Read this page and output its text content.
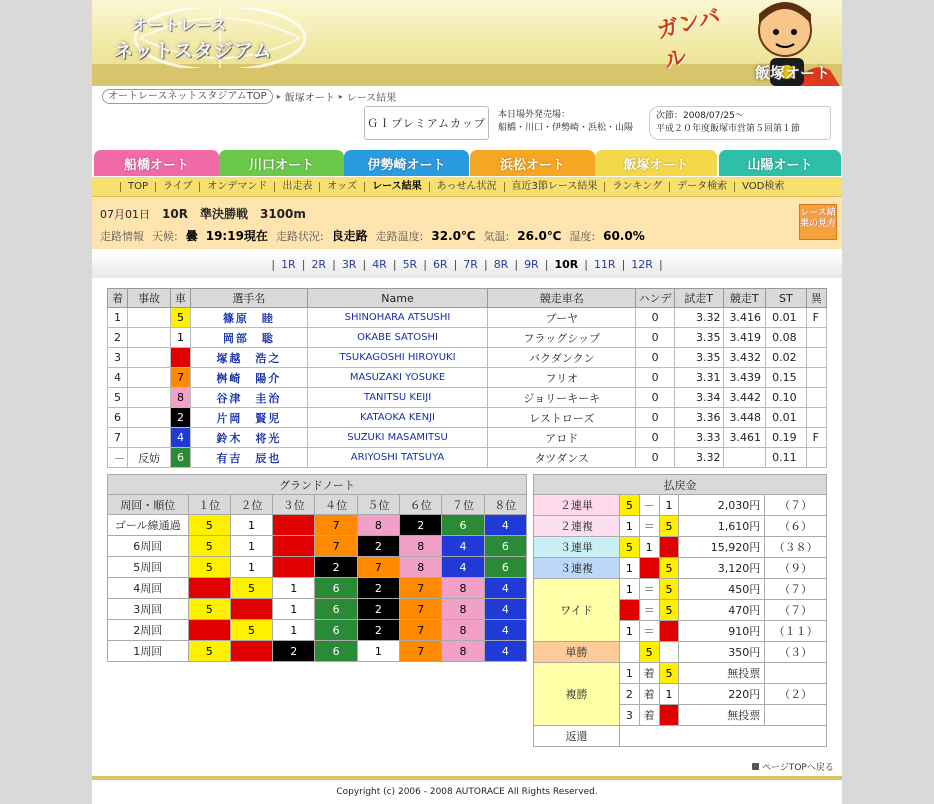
オートレース
ネットスタジアム
ガンバル	飯塚オート
オートレースネットスタジアムTOP	▸ 飯塚オート ▸ レース結果
ＧＩプレミアムカップ
本日場外発売場：
船橋・川口・伊勢崎・浜松・山陽
次節：2008/07/25～
平成２０年度飯塚市営第５回第１節
船橋オート	川口オート	伊勢崎オート	浜松オート	飯塚オート	山陽オート
TOP	ライブ	オンデマンド	出走表	オッズ	レース結果	あっせん状況	直近3節レース結果	ランキング	データ検索	VOD検索
07月01日 10R 準決勝戦 3100m
走路情報 天候: 曇 19:19現在 走路状況: 良走路 走路温度: 32.0℃ 気温: 26.0℃ 湿度: 60.0%
レース結果の見方
| 1R | 2R | 3R | 4R | 5R | 6R | 7R | 8R | 9R | 10R | 11R | 12R |
着	事故	車	選手名	Name	競走車名	ハンデ	試走T	競走T	ST	異
1		5	篠原　睦	SHINOHARA ATSUSHI	ブーヤ	0	3.32	3.416	0.01	F
2		1	岡部　聡	OKABE SATOSHI	フラッグシップ	0	3.35	3.419	0.08	
3		3	塚越　浩之	TSUKAGOSHI HIROYUKI	バクダンクン	0	3.35	3.432	0.02	
4		7	桝崎　陽介	MASUZAKI YOSUKE	フリオ	0	3.31	3.439	0.15	
5		8	谷津　圭治	TANITSU KEIJI	ジョリーキーキ	0	3.34	3.442	0.10	
6		2	片岡　賢児	KATAOKA KENJI	レストローズ	0	3.36	3.448	0.01	
7		4	鈴木　将光	SUZUKI MASAMITSU	アロド	0	3.33	3.461	0.19	F
－	反妨	6	有吉　辰也	ARIYOSHI TATSUYA	タツダンス	0	3.32		0.11	
グランドノート								
周回・順位	１位	２位	３位	４位	５位	６位	７位	８位
ゴール線通過	5	1	3	7	8	2	6	4
6周回	5	1	3	7	2	8	4	6
5周回	5	1	3	2	7	8	4	6
4周回	3	5	1	6	2	7	8	4
3周回	5	3	1	6	2	7	8	4
2周回	3	5	1	6	2	7	8	4
1周回	5	3	2	6	1	7	8	4
払戻金					
２連単	5	－	1	2,030円	（７）
２連複	1	＝	5	1,610円	（６）
３連単	5	1	3	15,920円	（３８）
３連複	1	3	5	3,120円	（９）
ワイド	1	＝	5	450円	（７）
	3	＝	5	470円	（７）
	1	＝	3	910円	（１１）
単勝		5		350円	（３）
複勝	1	着	5	無投票	
	2	着	1	220円	（２）
	3	着	3	無投票	
返還					
ページTOPへ戻る
Copyright (c) 2006 - 2008 AUTORACE All Rights Reserved.
